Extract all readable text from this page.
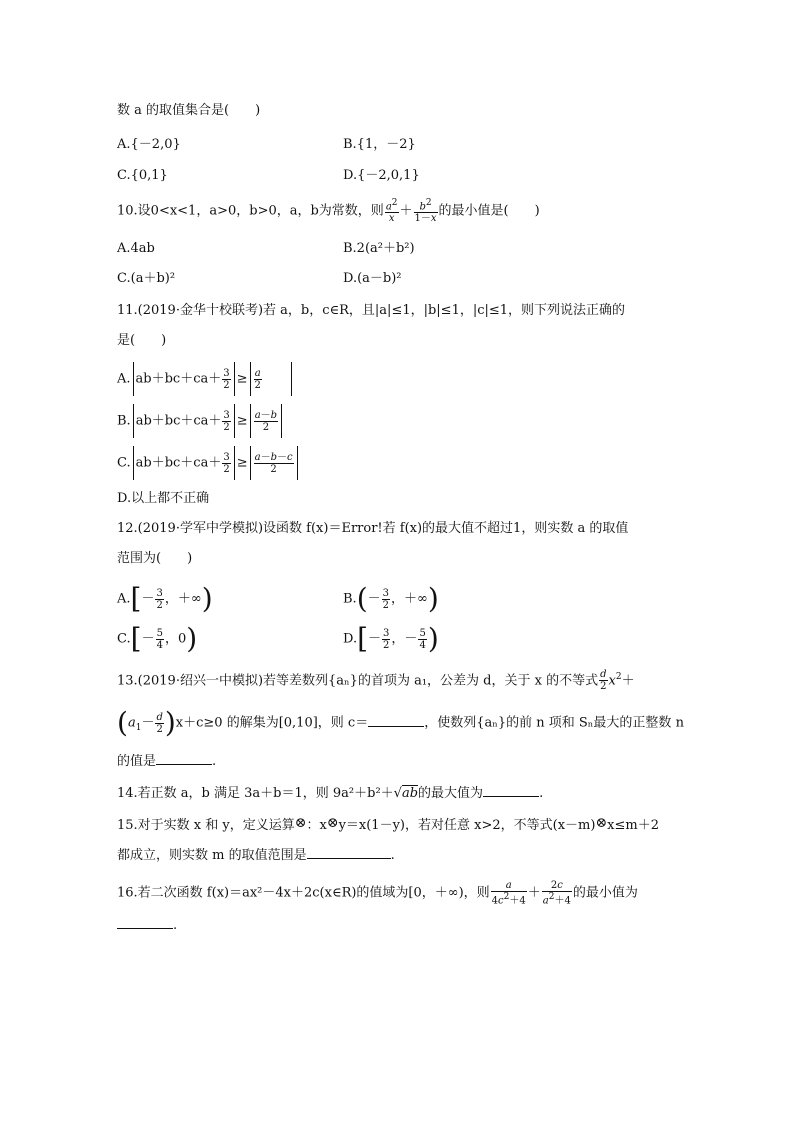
数 a 的取值集合是(　　)
A.{－2,0}	B.{1，－2}
C.{0,1}	D.{－2,0,1}
10.设0<x<1，a>0，b>0，a，b为常数，则 $\frac{a^2}{x} + \frac{b^2}{1-x}$ 的最小值是(　　)
A.4ab	B.2(a²＋b²)
C.(a＋b)²	D.(a－b)²
11.(2019·金华十校联考)若 a，b，c∈R，且|a|≤1，|b|≤1，|c|≤1，则下列说法正确的
是(　　)
A. $ab+bc+ca+ \frac{3}{2} \ge \frac{a}{2}$
B. $ab+bc+ca+ \frac{3}{2} \ge \frac{a-b}{2}$
C. $ab+bc+ca+ \frac{3}{2} \ge \frac{a-b-c}{2}$
D.以上都不正确
12.(2019·学军中学模拟)设函数 f(x)＝Error!若 f(x)的最大值不超过1，则实数 a 的取值
范围为(　　)
$A.[- \frac{3}{2}$ ，＋∞)	$B.(- \frac{3}{2}$ ，＋∞)
$C.[- \frac{5}{4}$ ，0)	$D.[- \frac{3}{2}$ ，－ $\frac{5}{4}$ )
13.(2019·绍兴一中模拟)若等差数列{aₙ}的首项为 a₁，公差为 d，关于 x 的不等式 $\frac{d}{2} x^2+$
$(a_1- \frac{d}{2} )x+c\ge 0$ 的解集为[0,10]，则 c＝	，使数列{aₙ}的前 n 项和 Sₙ最大的正整数 n
的值是	.
14.若正数 a，b 满足 3a＋b＝1，则 9a²＋b²＋√ab的最大值为	.
15.对于实数 x 和 y，定义运算⊗：x⊗y＝x(1－y)，若对任意 x>2，不等式(x－m)⊗x≤m＋2
都成立，则实数 m 的取值范围是	.
16.若二次函数 f(x)＝ax²－4x＋2c(x∈R)的值域为[0，＋∞)，则 $\frac{a}{4c^2+4} + \frac{2c}{a^2+4}$ 的最小值为
.
